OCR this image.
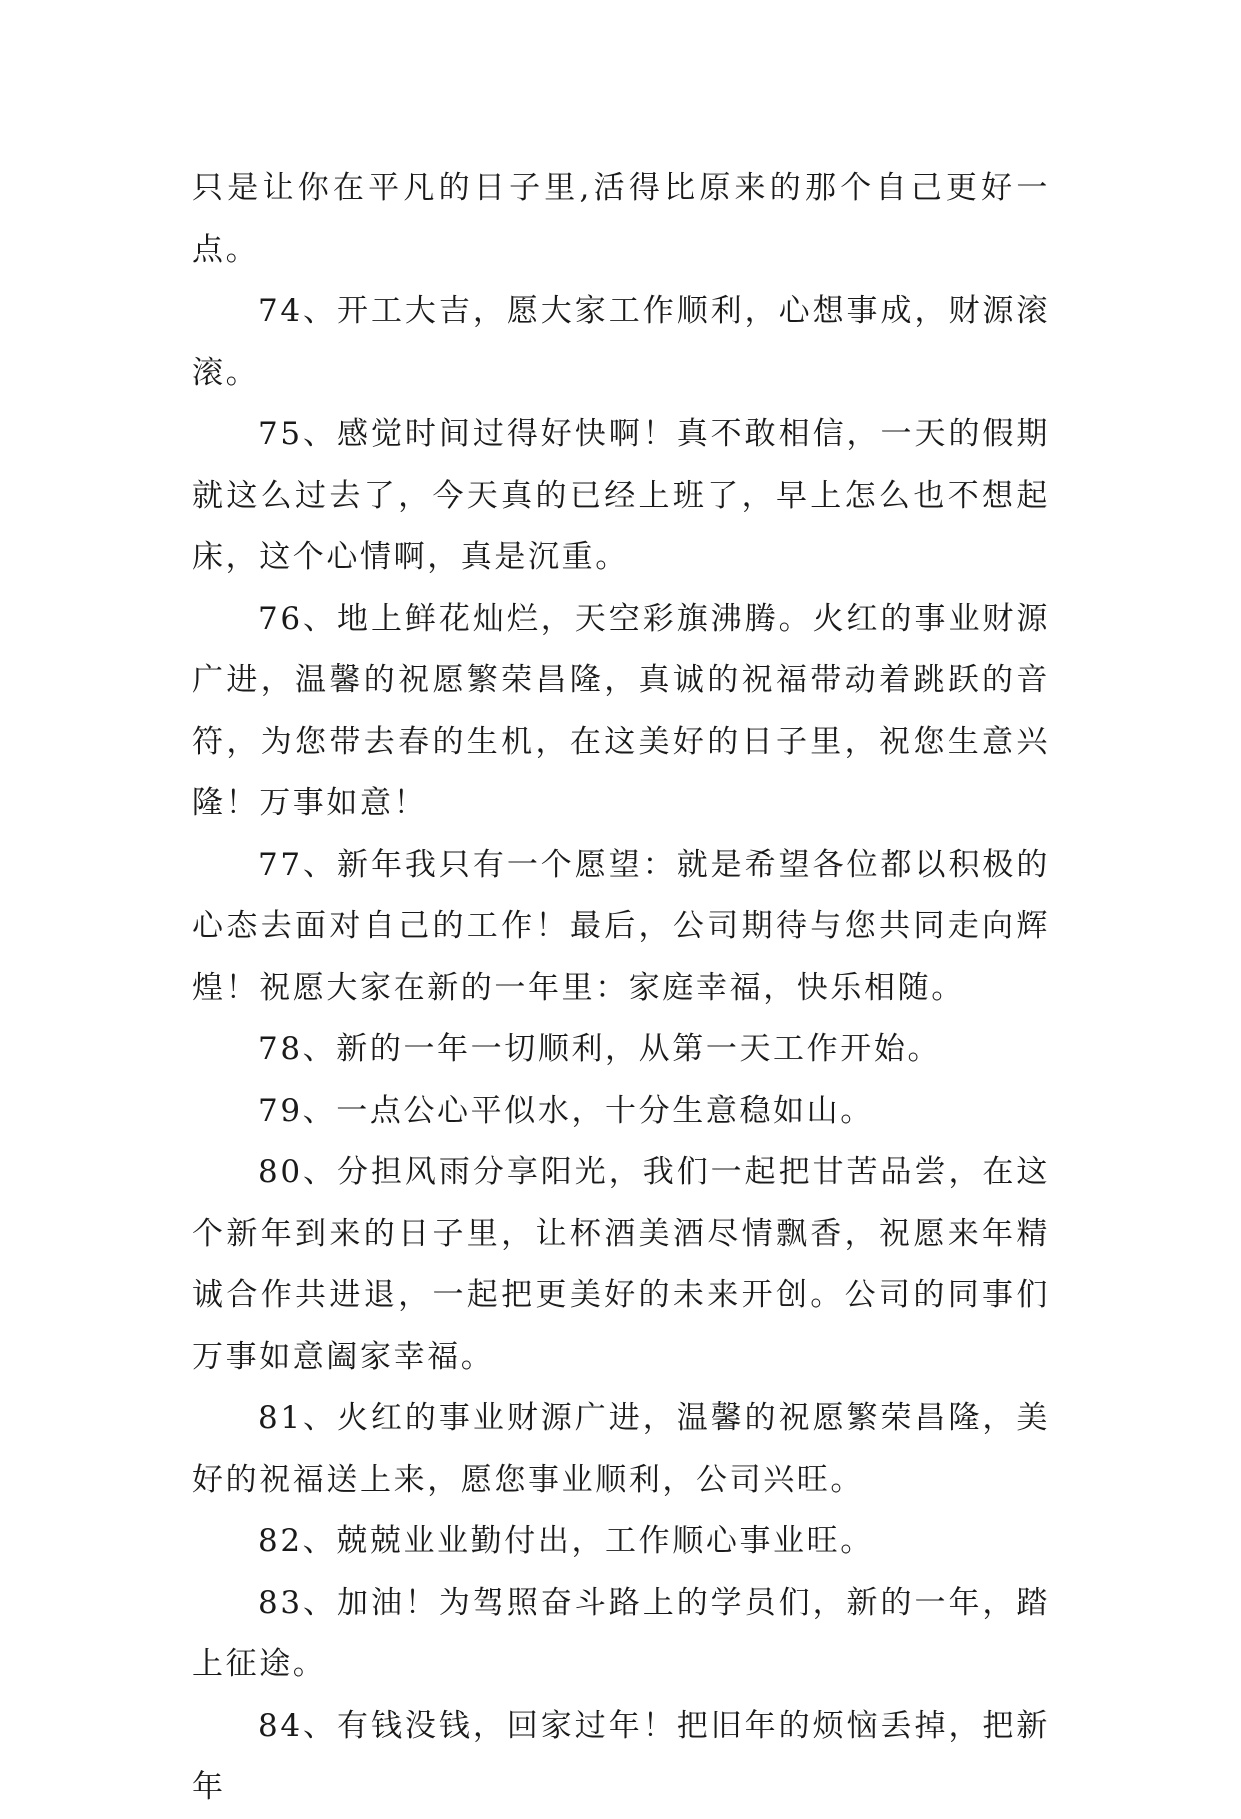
只是让你在平凡的日子里,活得比原来的那个自己更好一点。

74、开工大吉，愿大家工作顺利，心想事成，财源滚滚。

75、感觉时间过得好快啊！真不敢相信，一天的假期就这么过去了，今天真的已经上班了，早上怎么也不想起床，这个心情啊，真是沉重。

76、地上鲜花灿烂，天空彩旗沸腾。火红的事业财源广进，温馨的祝愿繁荣昌隆，真诚的祝福带动着跳跃的音符，为您带去春的生机，在这美好的日子里，祝您生意兴隆！万事如意！

77、新年我只有一个愿望：就是希望各位都以积极的心态去面对自己的工作！最后，公司期待与您共同走向辉煌！祝愿大家在新的一年里：家庭幸福，快乐相随。

78、新的一年一切顺利，从第一天工作开始。

79、一点公心平似水，十分生意稳如山。

80、分担风雨分享阳光，我们一起把甘苦品尝，在这个新年到来的日子里，让杯酒美酒尽情飘香，祝愿来年精诚合作共进退，一起把更美好的未来开创。公司的同事们万事如意阖家幸福。

81、火红的事业财源广进，温馨的祝愿繁荣昌隆，美好的祝福送上来，愿您事业顺利，公司兴旺。

82、兢兢业业勤付出，工作顺心事业旺。

83、加油！为驾照奋斗路上的学员们，新的一年，踏上征途。

84、有钱没钱，回家过年！把旧年的烦恼丢掉，把新年
